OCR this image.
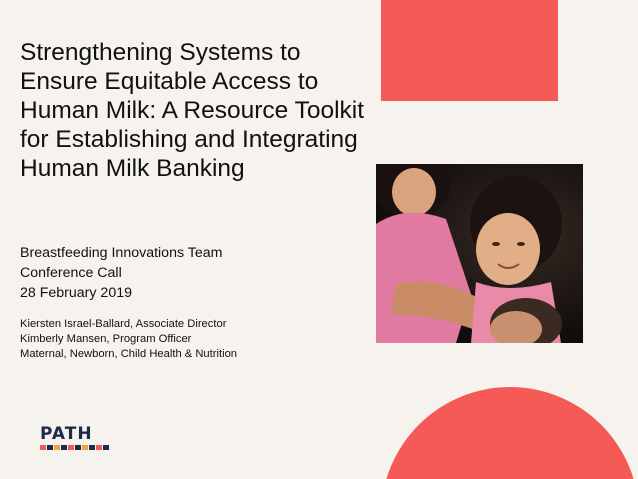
Strengthening Systems to Ensure Equitable Access to Human Milk: A Resource Toolkit for Establishing and Integrating Human Milk Banking
Breastfeeding Innovations Team
Conference Call
28 February 2019
Kiersten Israel-Ballard, Associate Director
Kimberly Mansen, Program Officer
Maternal, Newborn, Child Health & Nutrition
PATH
